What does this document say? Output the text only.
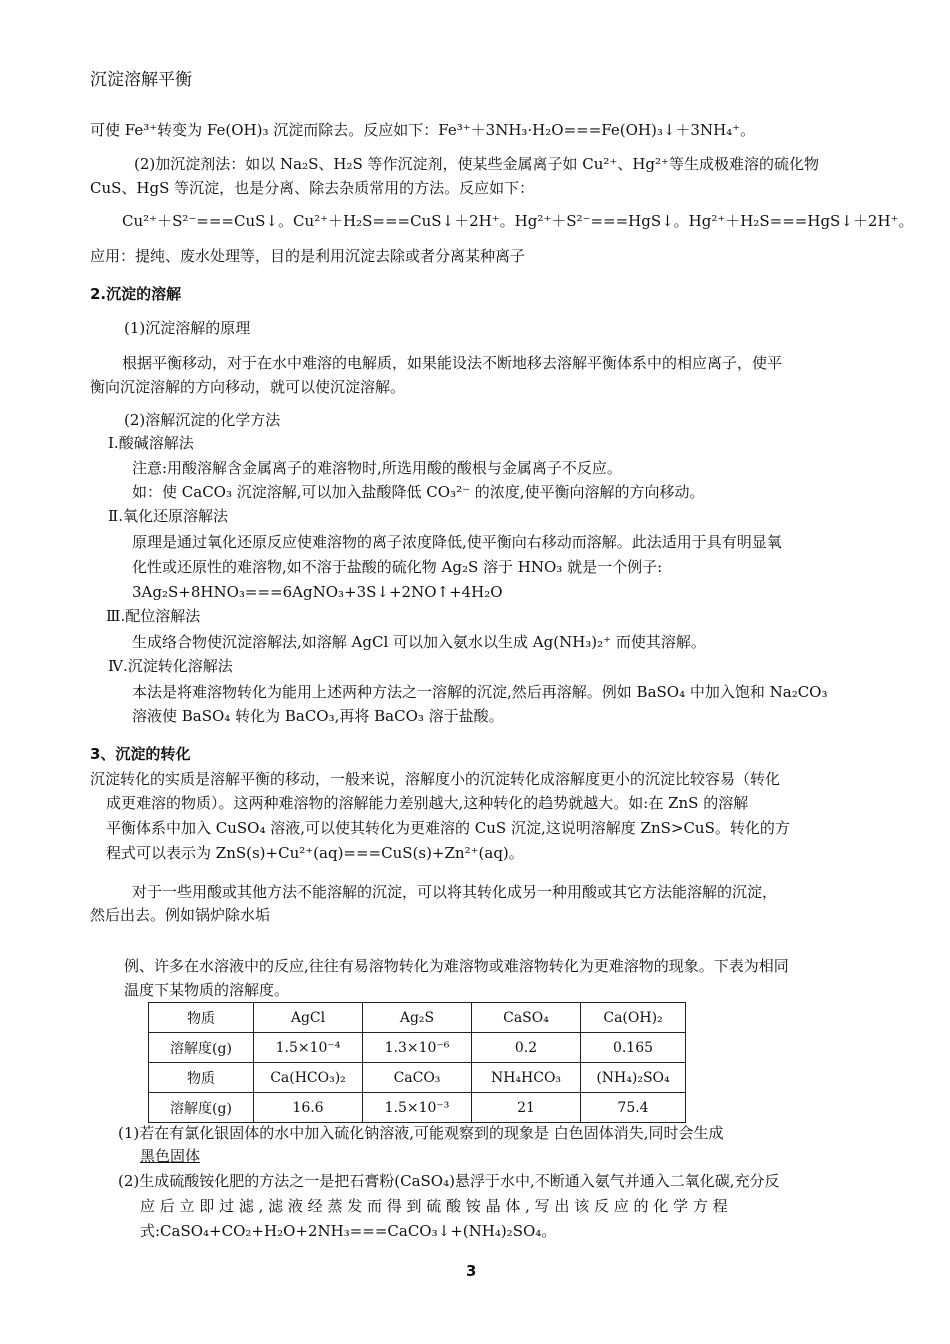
沉淀溶解平衡
可使 Fe³⁺转变为 Fe(OH)₃ 沉淀而除去。反应如下：Fe³⁺＋3NH₃·H₂O===Fe(OH)₃↓＋3NH₄⁺。
(2)加沉淀剂法：如以 Na₂S、H₂S 等作沉淀剂，使某些金属离子如 Cu²⁺、Hg²⁺等生成极难溶的硫化物
CuS、HgS 等沉淀，也是分离、除去杂质常用的方法。反应如下：
Cu²⁺＋S²⁻===CuS↓。Cu²⁺＋H₂S===CuS↓＋2H⁺。Hg²⁺＋S²⁻===HgS↓。Hg²⁺＋H₂S===HgS↓＋2H⁺。
应用：提纯、废水处理等，目的是利用沉淀去除或者分离某种离子
2.沉淀的溶解
(1)沉淀溶解的原理
根据平衡移动，对于在水中难溶的电解质，如果能设法不断地移去溶解平衡体系中的相应离子，使平
衡向沉淀溶解的方向移动，就可以使沉淀溶解。
(2)溶解沉淀的化学方法
Ⅰ.酸碱溶解法
注意:用酸溶解含金属离子的难溶物时,所选用酸的酸根与金属离子不反应。
如：使 CaCO₃ 沉淀溶解,可以加入盐酸降低 CO₃²⁻ 的浓度,使平衡向溶解的方向移动。
Ⅱ.氧化还原溶解法
原理是通过氧化还原反应使难溶物的离子浓度降低,使平衡向右移动而溶解。此法适用于具有明显氧
化性或还原性的难溶物,如不溶于盐酸的硫化物 Ag₂S 溶于 HNO₃ 就是一个例子:
3Ag₂S+8HNO₃===6AgNO₃+3S↓+2NO↑+4H₂O
Ⅲ.配位溶解法
生成络合物使沉淀溶解法,如溶解 AgCl 可以加入氨水以生成 Ag(NH₃)₂⁺ 而使其溶解。
Ⅳ.沉淀转化溶解法
本法是将难溶物转化为能用上述两种方法之一溶解的沉淀,然后再溶解。例如 BaSO₄ 中加入饱和 Na₂CO₃
溶液使 BaSO₄ 转化为 BaCO₃,再将 BaCO₃ 溶于盐酸。
3、沉淀的转化
沉淀转化的实质是溶解平衡的移动，一般来说，溶解度小的沉淀转化成溶解度更小的沉淀比较容易（转化
成更难溶的物质）。这两种难溶物的溶解能力差别越大,这种转化的趋势就越大。如:在 ZnS 的溶解
平衡体系中加入 CuSO₄ 溶液,可以使其转化为更难溶的 CuS 沉淀,这说明溶解度 ZnS>CuS。转化的方
程式可以表示为 ZnS(s)+Cu²⁺(aq)===CuS(s)+Zn²⁺(aq)。
对于一些用酸或其他方法不能溶解的沉淀，可以将其转化成另一种用酸或其它方法能溶解的沉淀，
然后出去。例如锅炉除水垢
例、许多在水溶液中的反应,往往有易溶物转化为难溶物或难溶物转化为更难溶物的现象。下表为相同
温度下某物质的溶解度。
物质	AgCl	Ag₂S	CaSO₄	Ca(OH)₂
溶解度(g)	1.5×10⁻⁴	1.3×10⁻⁶	0.2	0.165
物质	Ca(HCO₃)₂	CaCO₃	NH₄HCO₃	(NH₄)₂SO₄
溶解度(g)	16.6	1.5×10⁻³	21	75.4
(1)若在有氯化银固体的水中加入硫化钠溶液,可能观察到的现象是 白色固体消失,同时会生成
黑色固体
(2)生成硫酸铵化肥的方法之一是把石膏粉(CaSO₄)悬浮于水中,不断通入氨气并通入二氧化碳,充分反
应 后 立 即 过 滤 , 滤 液 经 蒸 发 而 得 到 硫 酸 铵 晶 体 , 写 出 该 反 应 的 化 学 方 程
式:CaSO₄+CO₂+H₂O+2NH₃===CaCO₃↓+(NH₄)₂SO₄。
3
